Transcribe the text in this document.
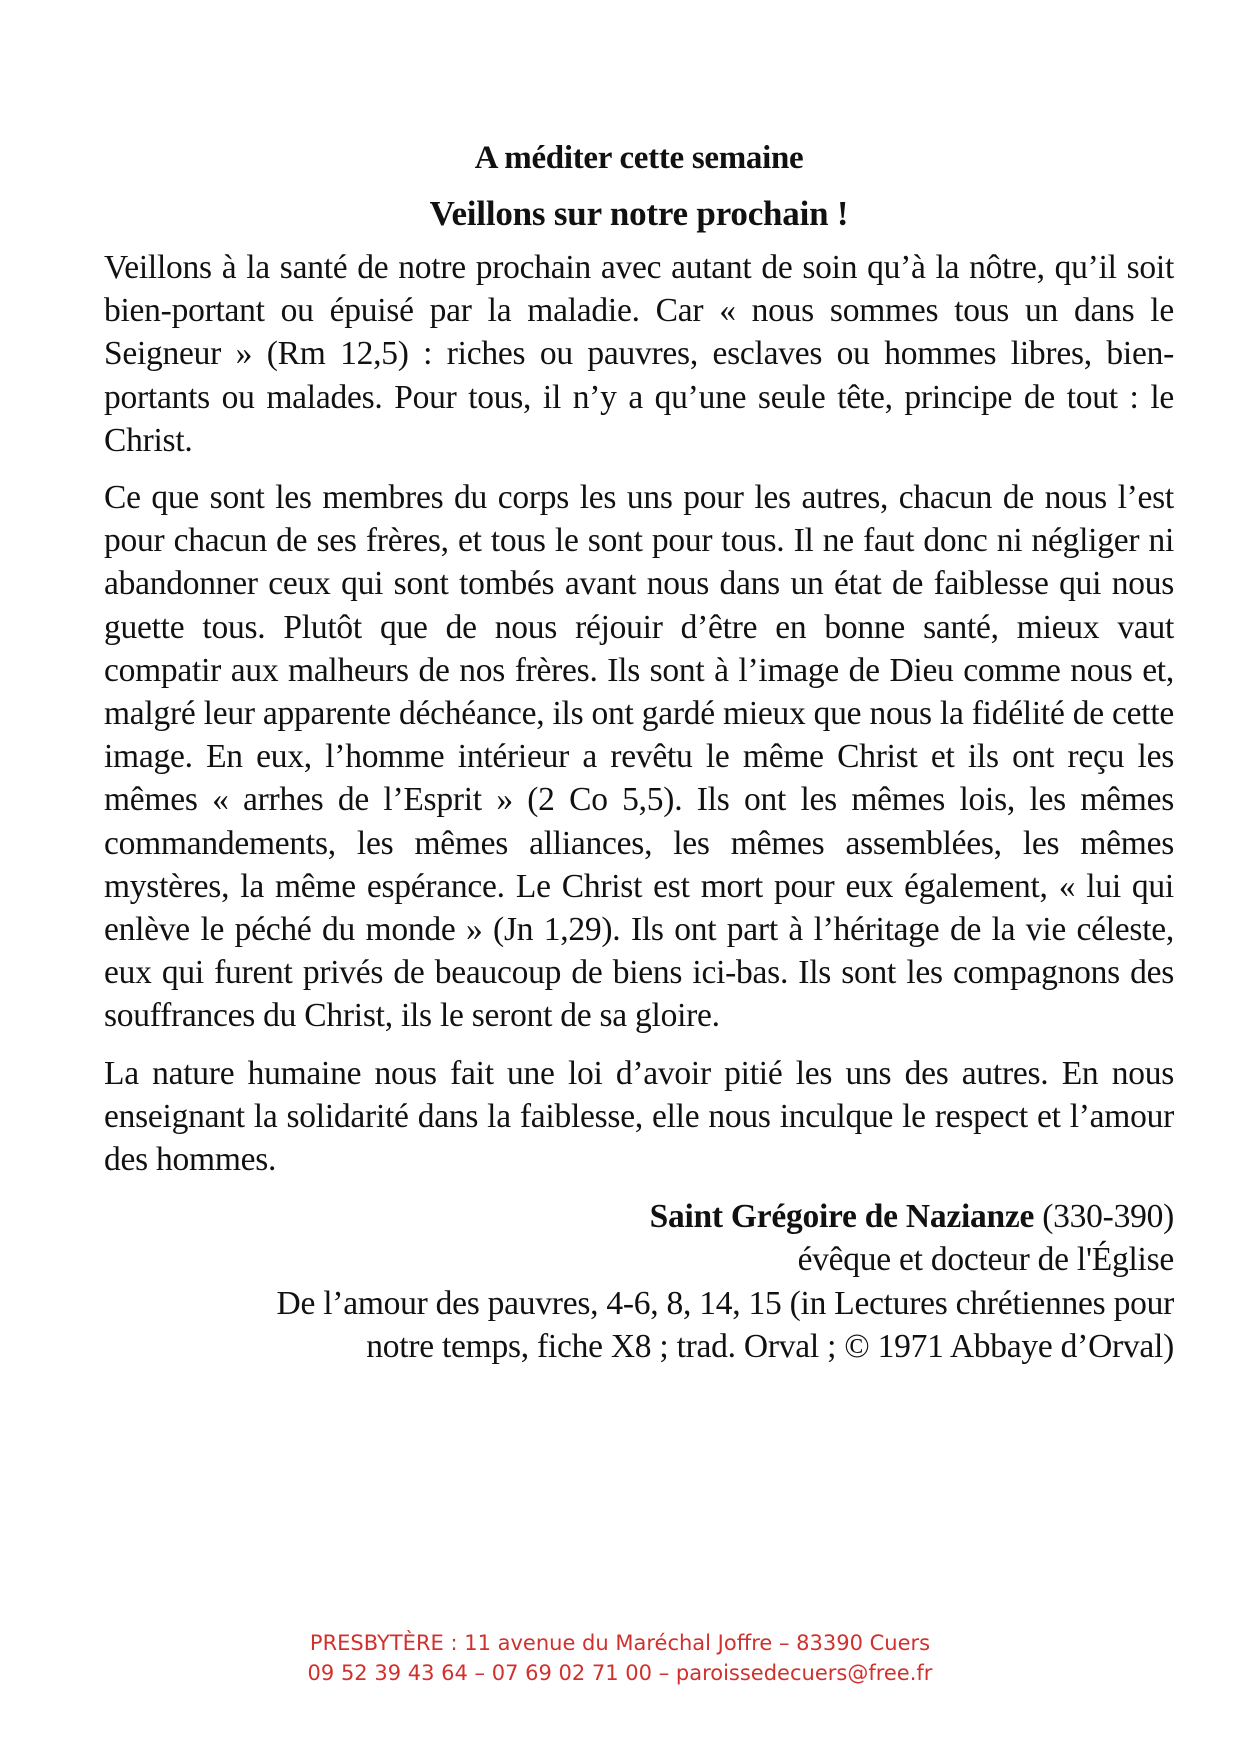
A méditer cette semaine
Veillons sur notre prochain !

Veillons à la santé de notre prochain avec autant de soin qu’à la nôtre, qu’il soit bien-portant ou épuisé par la maladie. Car « nous sommes tous un dans le Seigneur » (Rm 12,5) : riches ou pauvres, esclaves ou hommes libres, bien-portants ou malades. Pour tous, il n’y a qu’une seule tête, principe de tout : le Christ.

Ce que sont les membres du corps les uns pour les autres, chacun de nous l’est pour chacun de ses frères, et tous le sont pour tous. Il ne faut donc ni négliger ni abandonner ceux qui sont tombés avant nous dans un état de faiblesse qui nous guette tous. Plutôt que de nous réjouir d’être en bonne santé, mieux vaut compatir aux malheurs de nos frères. Ils sont à l’image de Dieu comme nous et, malgré leur apparente déchéance, ils ont gardé mieux que nous la fidélité de cette image. En eux, l’homme intérieur a revêtu le même Christ et ils ont reçu les mêmes « arrhes de l’Esprit » (2 Co 5,5). Ils ont les mêmes lois, les mêmes commandements, les mêmes alliances, les mêmes assemblées, les mêmes mystères, la même espérance. Le Christ est mort pour eux également, « lui qui enlève le péché du monde » (Jn 1,29). Ils ont part à l’héritage de la vie céleste, eux qui furent privés de beaucoup de biens ici-bas. Ils sont les compagnons des souffrances du Christ, ils le seront de sa gloire.

La nature humaine nous fait une loi d’avoir pitié les uns des autres. En nous enseignant la solidarité dans la faiblesse, elle nous inculque le respect et l’amour des hommes.

Saint Grégoire de Nazianze (330-390)
évêque et docteur de l'Église
De l’amour des pauvres, 4-6, 8, 14, 15 (in Lectures chrétiennes pour
notre temps, fiche X8 ; trad. Orval ; © 1971 Abbaye d’Orval)
PRESBYTÈRE : 11 avenue du Maréchal Joffre – 83390 Cuers
09 52 39 43 64 – 07 69 02 71 00 – paroissedecuers@free.fr
